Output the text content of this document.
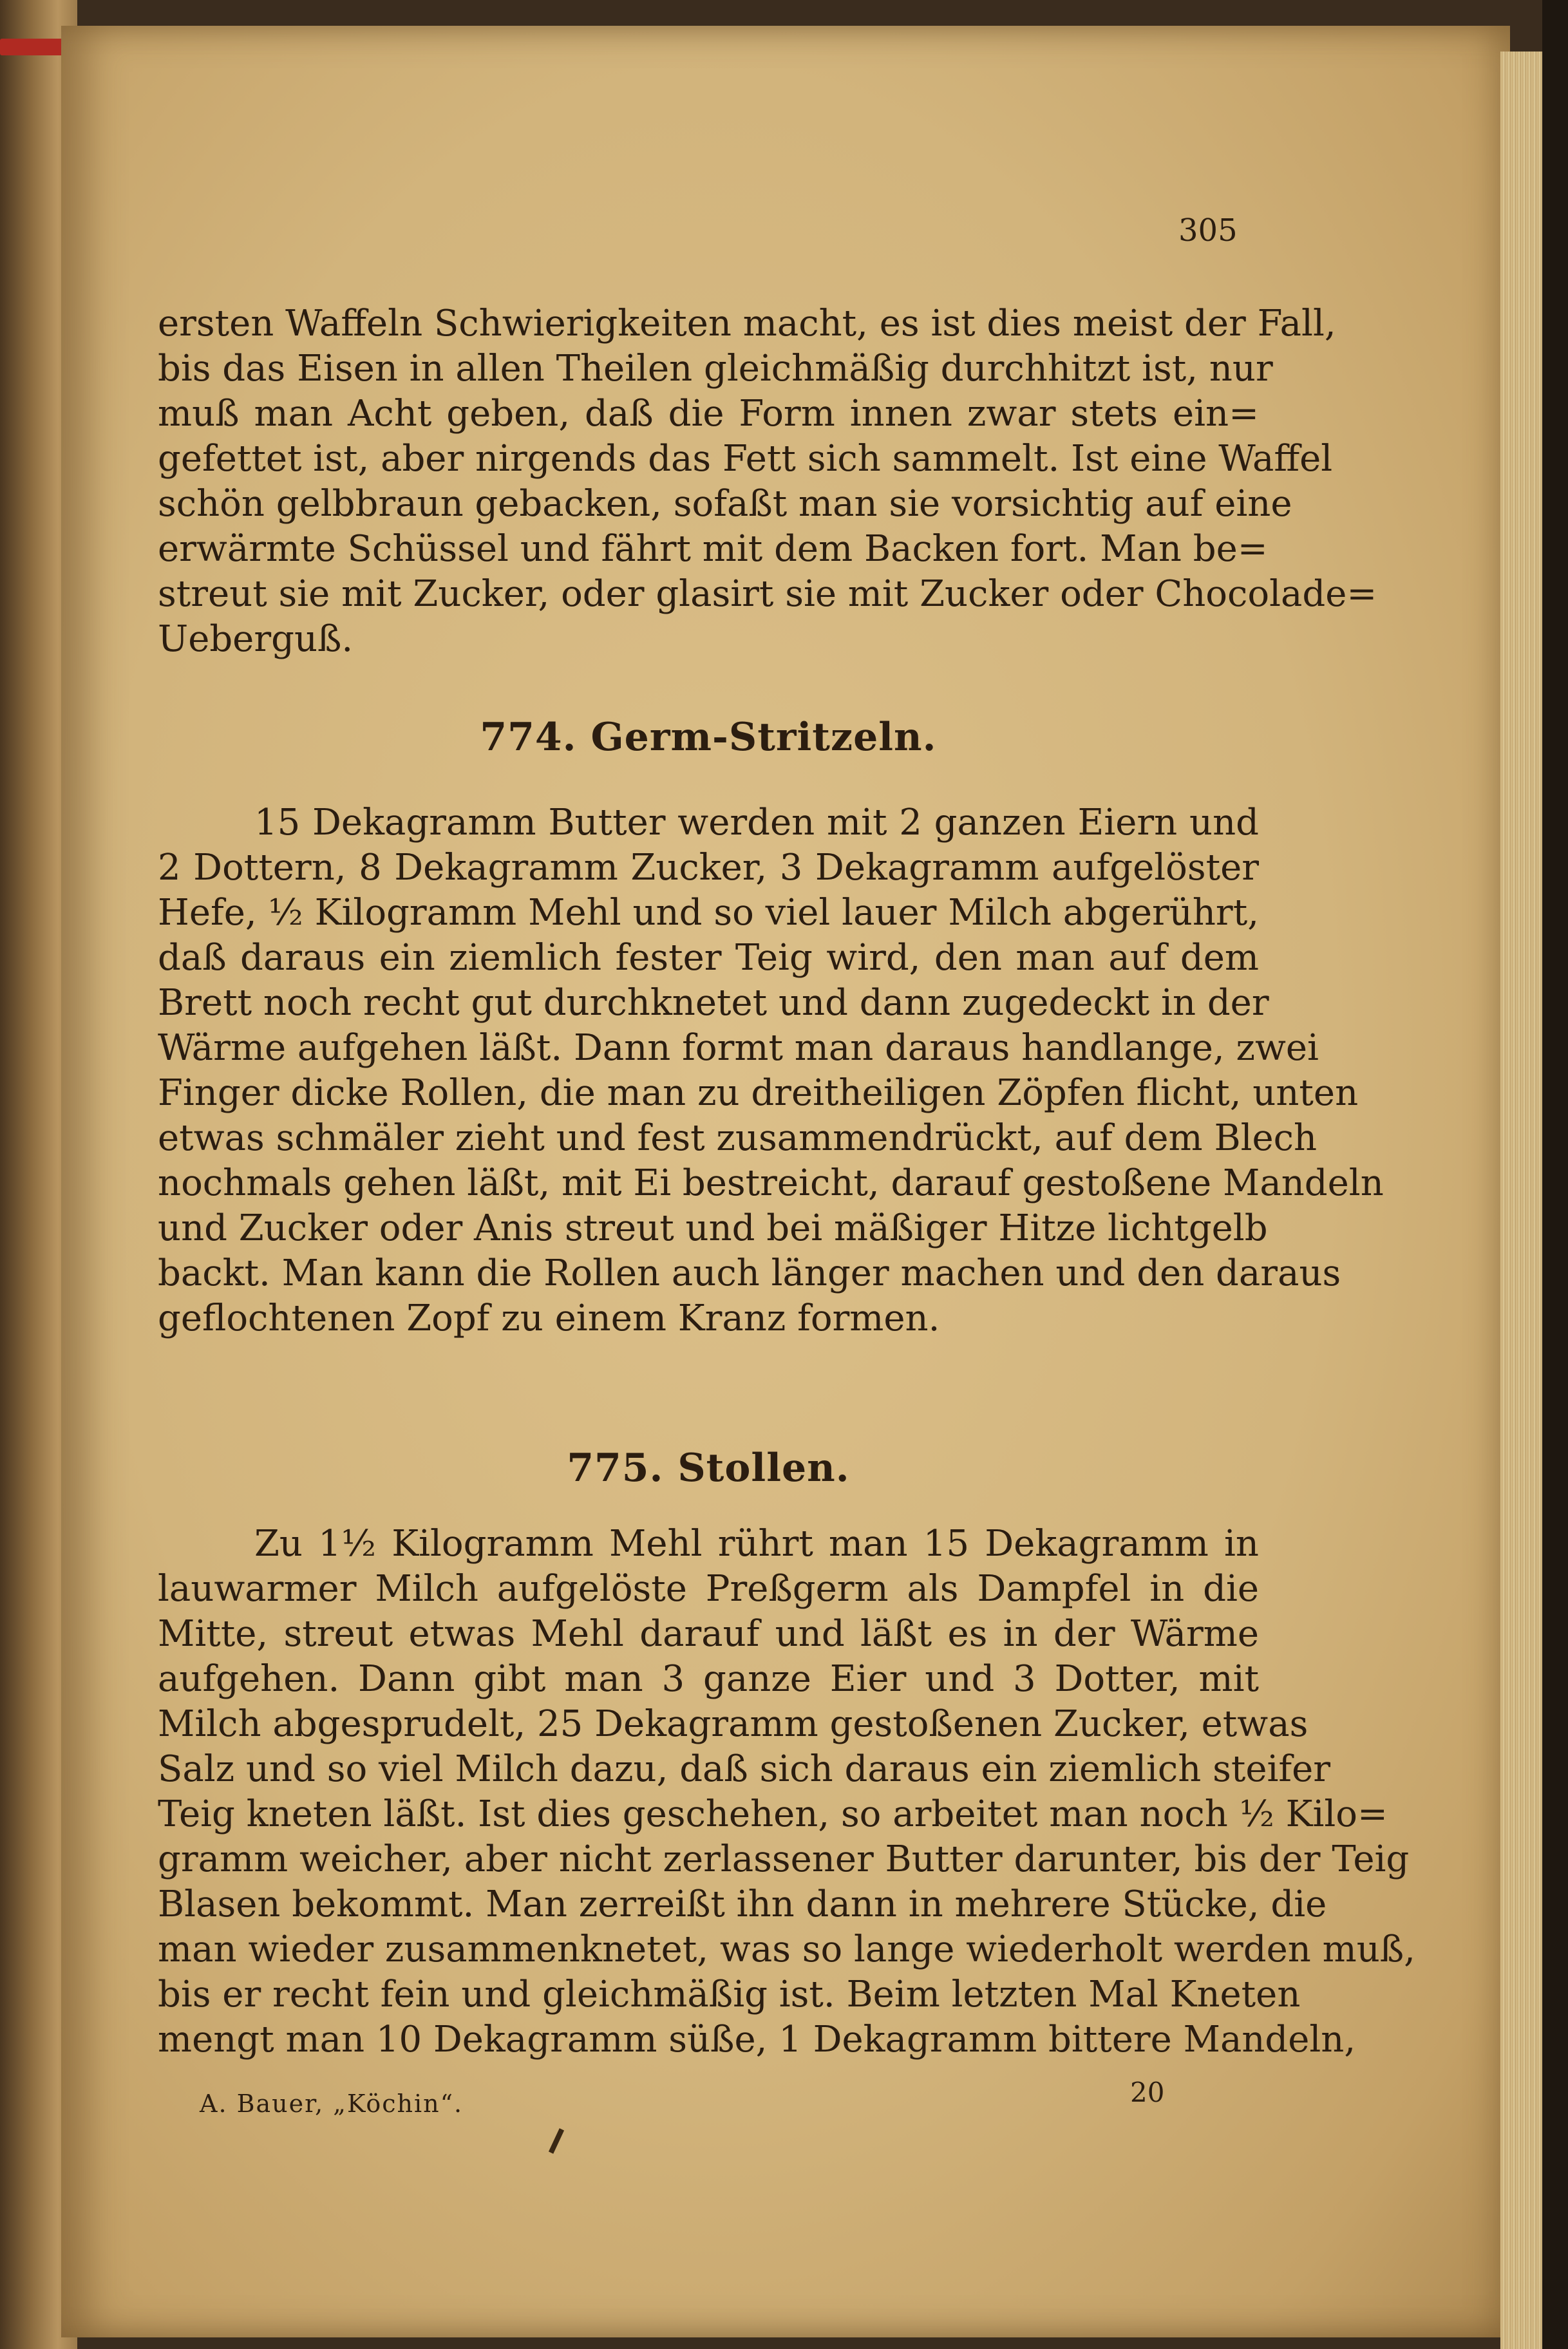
305
ersten Waffeln Schwierigkeiten macht, es ist dies meist der Fall,
bis das Eisen in allen Theilen gleichmäßig durchhitzt ist, nur
muß man Acht geben, daß die Form innen zwar stets ein=
gefettet ist, aber nirgends das Fett sich sammelt. Ist eine Waffel
schön gelbbraun gebacken, sofaßt man sie vorsichtig auf eine
erwärmte Schüssel und fährt mit dem Backen fort. Man be=
streut sie mit Zucker, oder glasirt sie mit Zucker oder Chocolade=
Ueberguß.
774. Germ-Stritzeln.
15 Dekagramm Butter werden mit 2 ganzen Eiern und
2 Dottern, 8 Dekagramm Zucker, 3 Dekagramm aufgelöster
Hefe, ½ Kilogramm Mehl und so viel lauer Milch abgerührt,
daß daraus ein ziemlich fester Teig wird, den man auf dem
Brett noch recht gut durchknetet und dann zugedeckt in der
Wärme aufgehen läßt. Dann formt man daraus handlange, zwei
Finger dicke Rollen, die man zu dreitheiligen Zöpfen flicht, unten
etwas schmäler zieht und fest zusammendrückt, auf dem Blech
nochmals gehen läßt, mit Ei bestreicht, darauf gestoßene Mandeln
und Zucker oder Anis streut und bei mäßiger Hitze lichtgelb
backt. Man kann die Rollen auch länger machen und den daraus
geflochtenen Zopf zu einem Kranz formen.
775. Stollen.
Zu 1½ Kilogramm Mehl rührt man 15 Dekagramm in
lauwarmer Milch aufgelöste Preßgerm als Dampfel in die
Mitte, streut etwas Mehl darauf und läßt es in der Wärme
aufgehen. Dann gibt man 3 ganze Eier und 3 Dotter, mit
Milch abgesprudelt, 25 Dekagramm gestoßenen Zucker, etwas
Salz und so viel Milch dazu, daß sich daraus ein ziemlich steifer
Teig kneten läßt. Ist dies geschehen, so arbeitet man noch ½ Kilo=
gramm weicher, aber nicht zerlassener Butter darunter, bis der Teig
Blasen bekommt. Man zerreißt ihn dann in mehrere Stücke, die
man wieder zusammenknetet, was so lange wiederholt werden muß,
bis er recht fein und gleichmäßig ist. Beim letzten Mal Kneten
mengt man 10 Dekagramm süße, 1 Dekagramm bittere Mandeln,
A. Bauer, „Köchin“.	20
